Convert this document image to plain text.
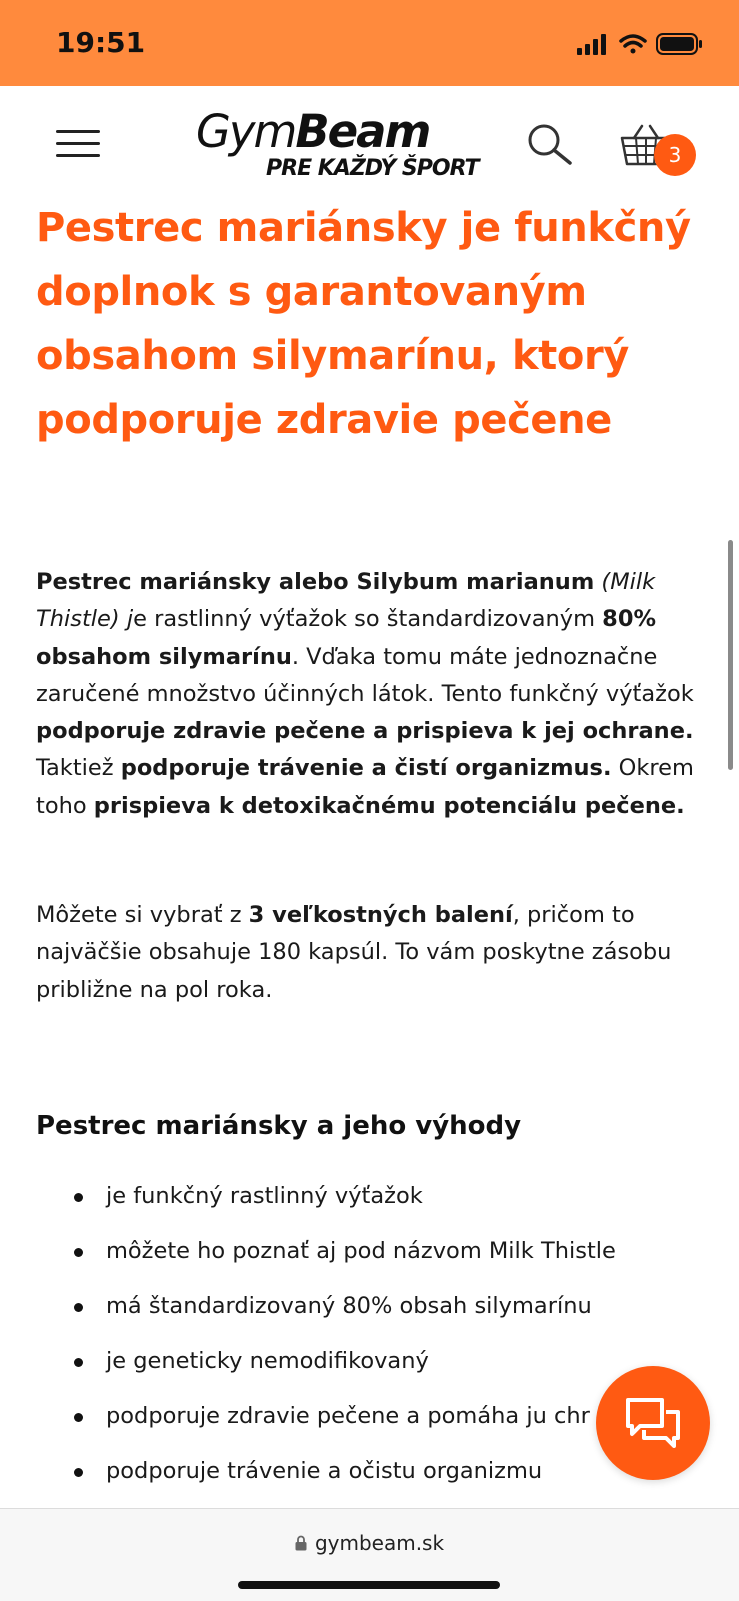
19:51
GymBeam
PRE KAŽDÝ ŠPORT
3
Pestrec mariánsky je funkčný doplnok s garantovaným obsahom silymarínu, ktorý podporuje zdravie pečene

Pestrec mariánsky alebo Silybum marianum (Milk Thistle) je rastlinný výťažok so štandardizovaným 80% obsahom silymarínu. Vďaka tomu máte jednoznačne zaručené množstvo účinných látok. Tento funkčný výťažok podporuje zdravie pečene a prispieva k jej ochrane. Taktiež podporuje trávenie a čistí organizmus. Okrem toho prispieva k detoxikačnému potenciálu pečene.

Môžete si vybrať z 3 veľkostných balení, pričom to najväčšie obsahuje 180 kapsúl. To vám poskytne zásobu približne na pol roka.

Pestrec mariánsky a jeho výhody
je funkčný rastlinný výťažok
môžete ho poznať aj pod názvom Milk Thistle
má štandardizovaný 80% obsah silymarínu
je geneticky nemodifikovaný
podporuje zdravie pečene a pomáha ju chr
podporuje trávenie a očistu organizmu
gymbeam.sk
